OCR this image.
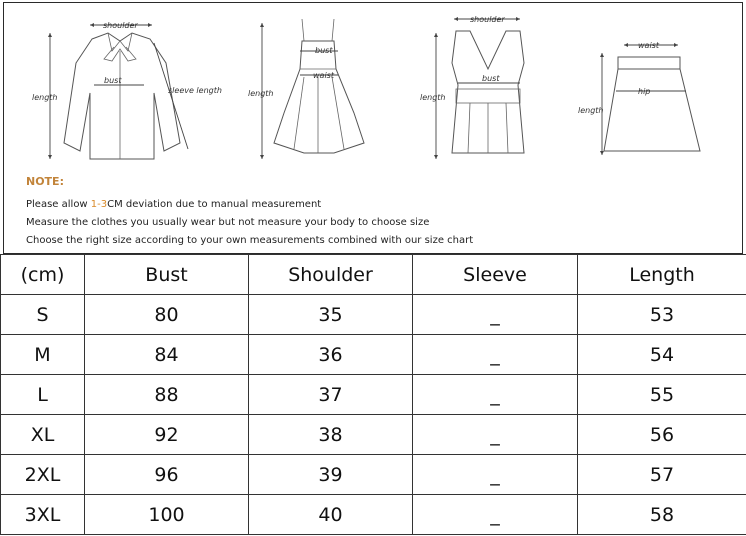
shoulder
length
bust
sleeve length	length
bust
waist
shoulder
length
bust
waist
length
hip
NOTE:
Please allow 1-3CM deviation due to manual measurement
Measure the clothes you usually wear but not measure your body to choose size
Choose the right size according to your own measurements combined with our size chart
(cm)	Bust	Shoulder	Sleeve	Length
S	80	35	_	53
M	84	36	_	54
L	88	37	_	55
XL	92	38	_	56
2XL	96	39	_	57
3XL	100	40	_	58
